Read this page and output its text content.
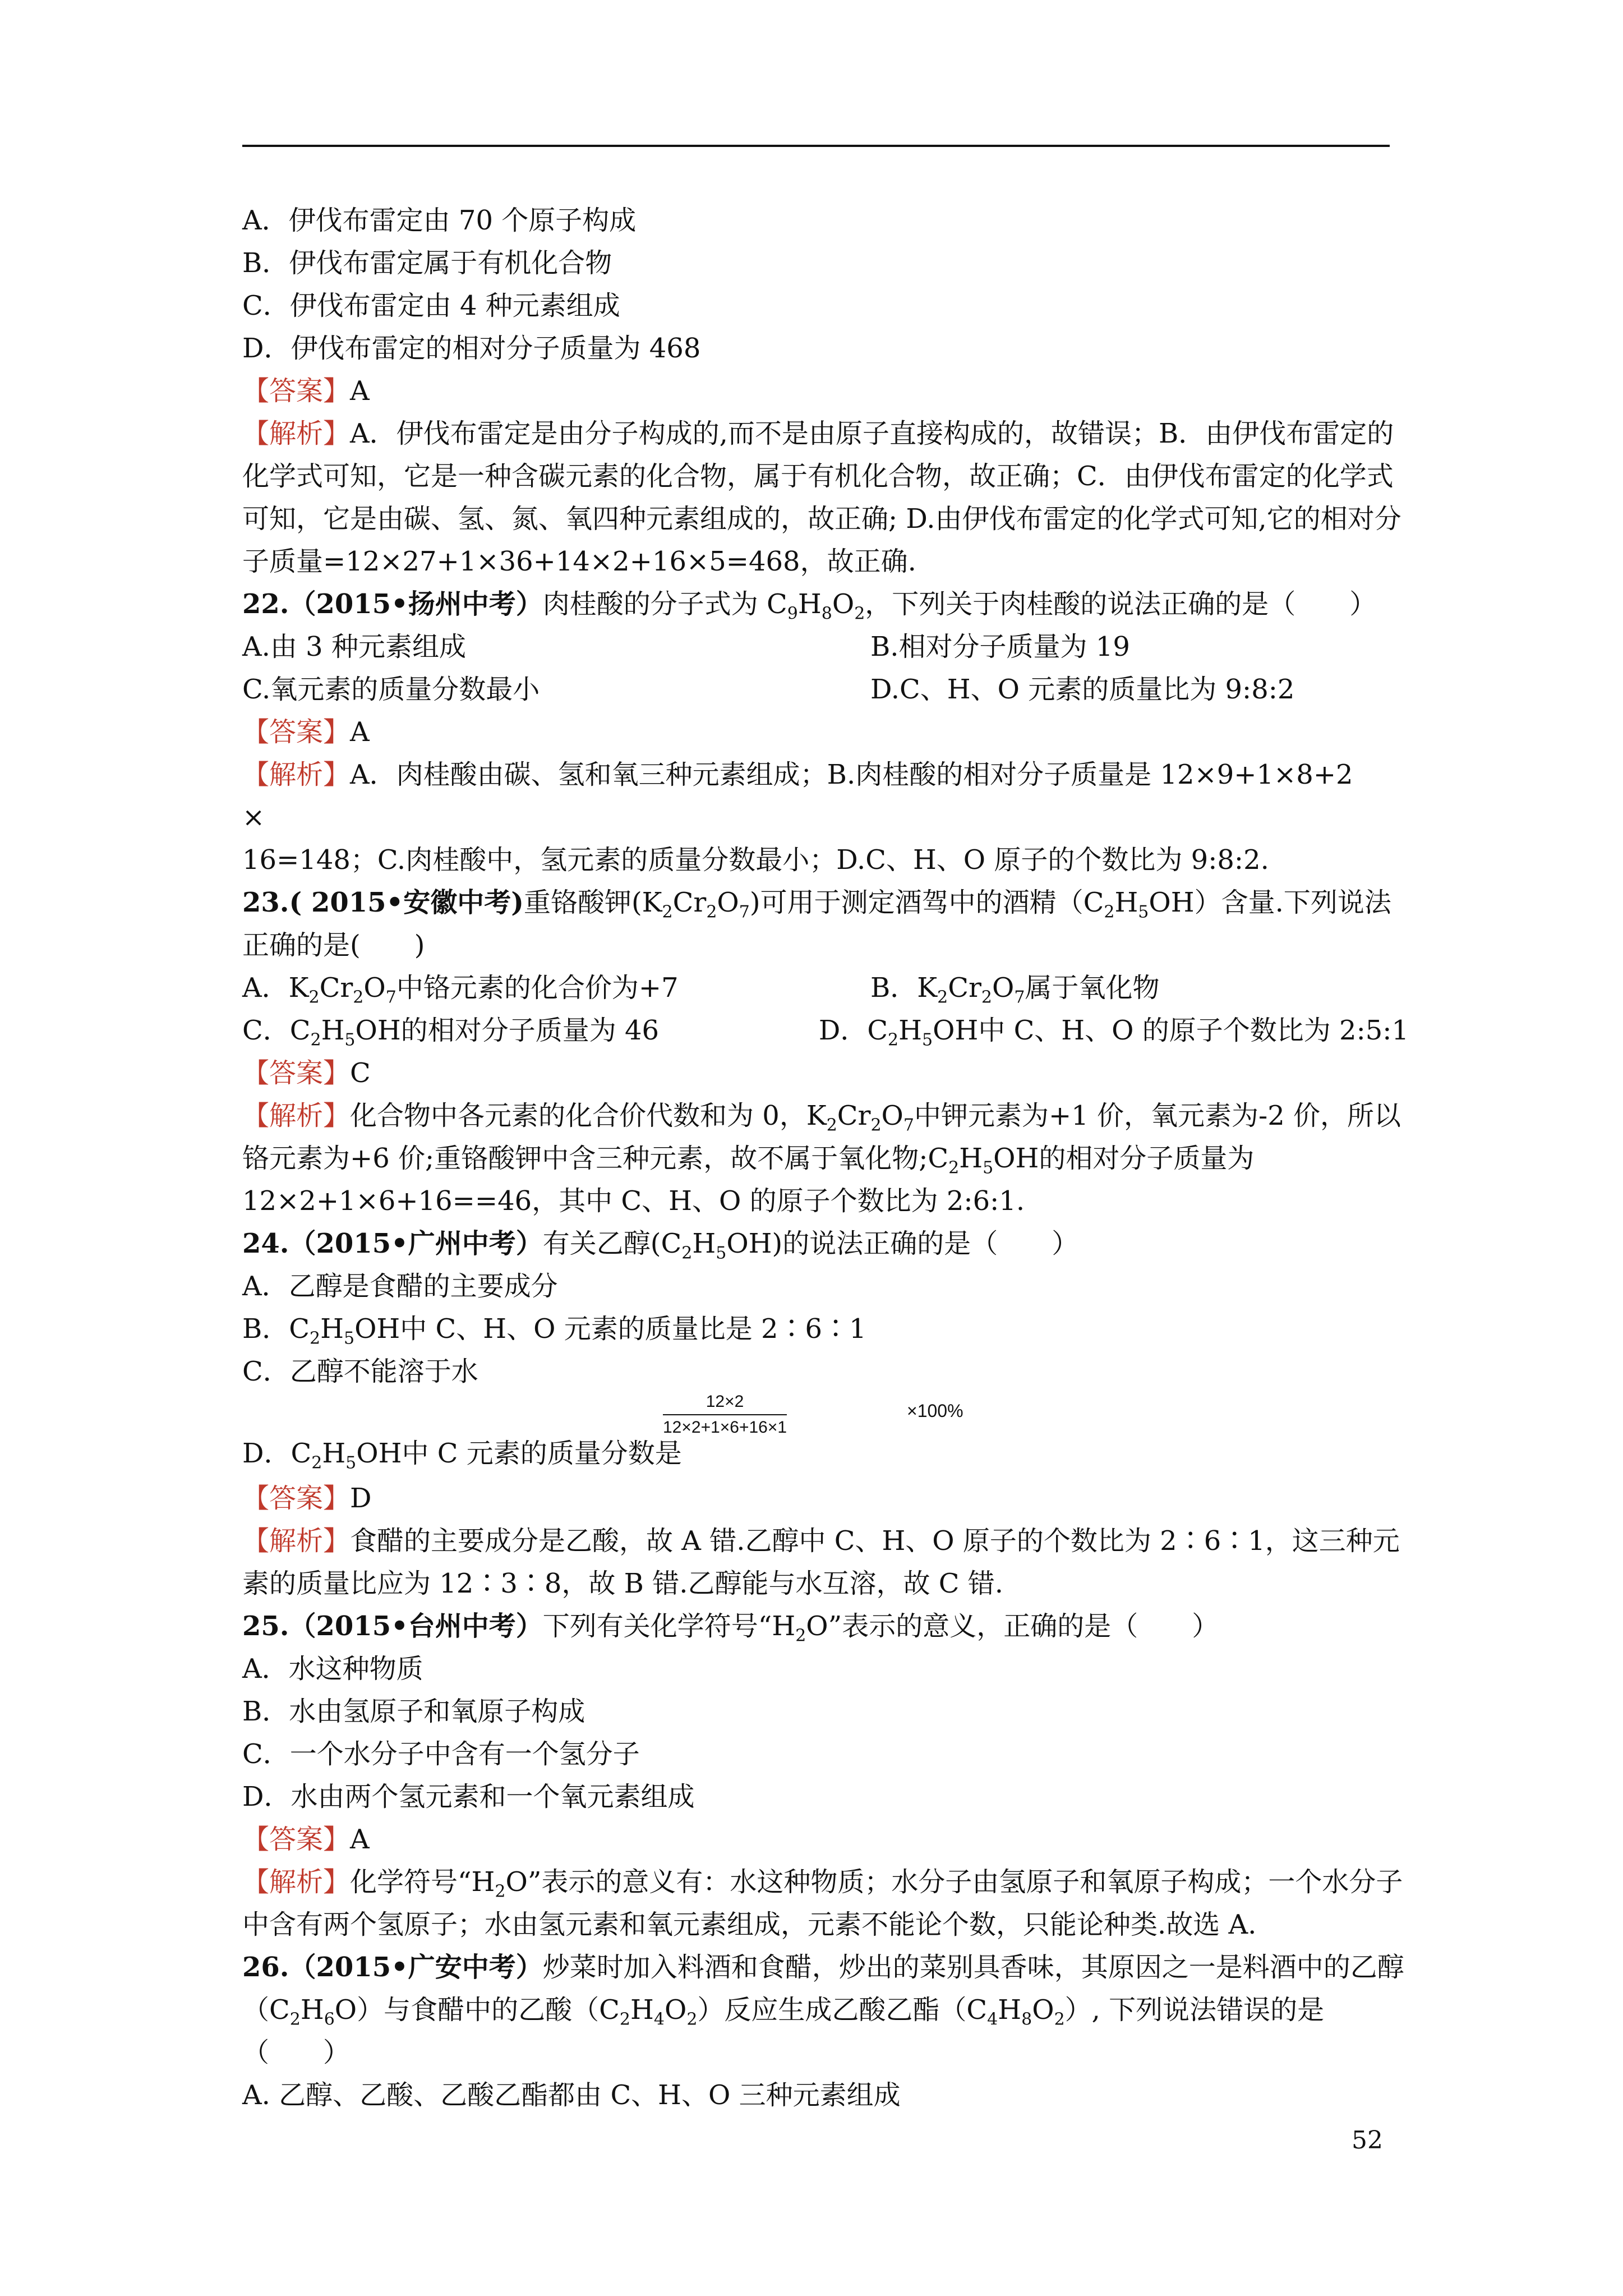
A．伊伐布雷定由 70 个原子构成
B．伊伐布雷定属于有机化合物
C．伊伐布雷定由 4 种元素组成
D．伊伐布雷定的相对分子质量为 468
【答案】A
【解析】A．伊伐布雷定是由分子构成的,而不是由原子直接构成的，故错误；B．由伊伐布雷定的化学式可知，它是一种含碳元素的化合物，属于有机化合物，故正确；C．由伊伐布雷定的化学式可知，它是由碳、氢、氮、氧四种元素组成的，故正确; D.由伊伐布雷定的化学式可知,它的相对分子质量=12×27+1×36+14×2+16×5=468，故正确.
22.（2015•扬州中考）肉桂酸的分子式为 $C_9H_8O_2$，下列关于肉桂酸的说法正确的是（　　）
A.由 3 种元素组成	B.相对分子质量为 19
C.氧元素的质量分数最小	D.C、H、O 元素的质量比为 9:8:2
【答案】A
【解析】A．肉桂酸由碳、氢和氧三种元素组成；B.肉桂酸的相对分子质量是 12×9+1×8+2
×
16=148；C.肉桂酸中，氢元素的质量分数最小；D.C、H、O 原子的个数比为 9:8:2.
23.( 2015•安徽中考)重铬酸钾$(K_2Cr_2O_7)$可用于测定酒驾中的酒精$(C_2H_5OH)$含量.下列说法正确的是(　　)
A．$K_2Cr_2O_7$中铬元素的化合价为+7	B．$K_2Cr_2O_7$属于氧化物
C．$C_2H_5OH$的相对分子质量为 46	D．$C_2H_5OH$中 C、H、O 的原子个数比为 2:5:1
【答案】C
【解析】化合物中各元素的化合价代数和为 0，$K_2Cr_2O_7$中钾元素为+1 价，氧元素为-2 价，所以铬元素为+6 价;重铬酸钾中含三种元素，故不属于氧化物$;C_2H_5OH$的相对分子质量为 12×2+1×6+16==46，其中 C、H、O 的原子个数比为 2:6:1.
24.（2015•广州中考）有关乙醇$(C_2H_5OH)$的说法正确的是（　　）
A．乙醇是食醋的主要成分
B．$C_2H_5OH$中 C、H、O 元素的质量比是 2∶6∶1
C．乙醇不能溶于水
$\frac{12\times 2}{12\times 2+1\times 6+16\times 1}$	×100%
D．$C_2H_5OH$中 C 元素的质量分数是
【答案】D
【解析】食醋的主要成分是乙酸，故 A 错.乙醇中 C、H、O 原子的个数比为 2∶6∶1，这三种元素的质量比应为 12∶3∶8，故 B 错.乙醇能与水互溶，故 C 错.
25.（2015•台州中考）下列有关化学符号“$H_2O$”表示的意义，正确的是（　　）
A．水这种物质
B．水由氢原子和氧原子构成
C．一个水分子中含有一个氢分子
D．水由两个氢元素和一个氧元素组成
【答案】A
【解析】化学符号“$H_2O$”表示的意义有：水这种物质；水分子由氢原子和氧原子构成；一个水分子中含有两个氢原子；水由氢元素和氧元素组成，元素不能论个数，只能论种类.故选 A.
26.（2015•广安中考）炒菜时加入料酒和食醋，炒出的菜别具香味，其原因之一是料酒中的乙醇$(C_2H_6O)$与食醋中的乙酸$(C_2H_4O_2)$反应生成乙酸乙酯$(C_4H_8O_2)$, 下列说法错误的是（　　）
A. 乙醇、乙酸、乙酸乙酯都由 C、H、O 三种元素组成
52
